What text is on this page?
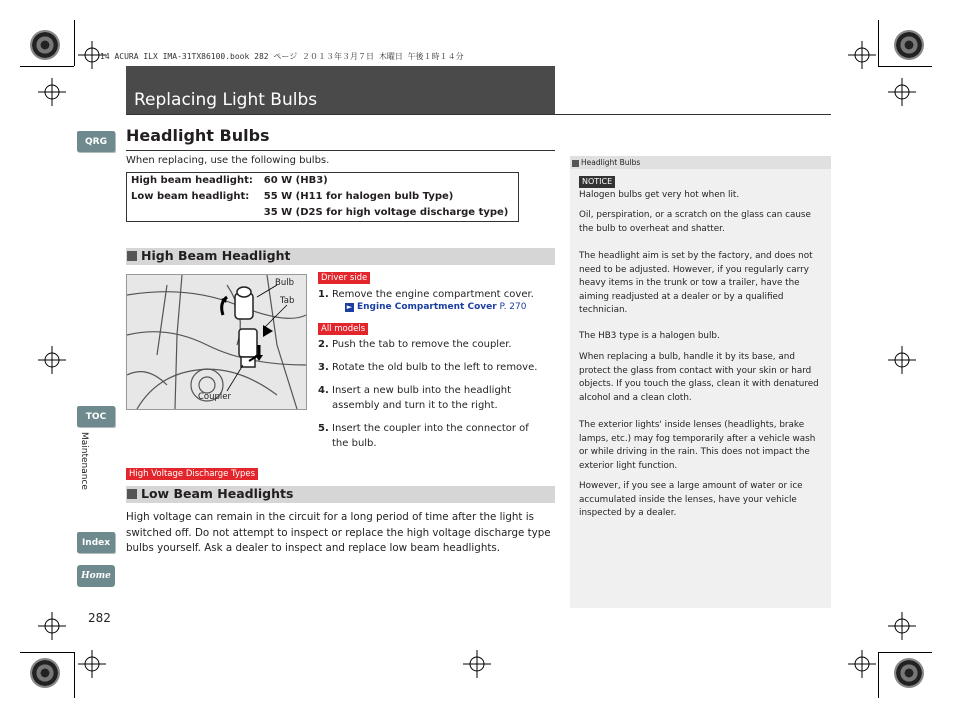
14 ACURA ILX IMA-31TX86100.book 282 ページ ２０１３年３月７日 木曜日 午後１時１４分
Replacing Light Bulbs
QRG
TOC
Maintenance
Index
Home
282
Headlight Bulbs
When replacing, use the following bulbs.
High beam headlight:	60 W (HB3)
Low beam headlight:	55 W (H11 for halogen bulb Type)
	35 W (D2S for high voltage discharge type)
High Beam Headlight
Bulb
Tab
Coupler
Driver side
1. Remove the engine compartment cover.
► Engine Compartment Cover P. 270
All models
2. Push the tab to remove the coupler.
3. Rotate the old bulb to the left to remove.
4. Insert a new bulb into the headlight assembly and turn it to the right.
5. Insert the coupler into the connector of the bulb.
High Voltage Discharge Types
Low Beam Headlights
High voltage can remain in the circuit for a long period of time after the light is switched off. Do not attempt to inspect or replace the high voltage discharge type bulbs yourself. Ask a dealer to inspect and replace low beam headlights.
Headlight Bulbs
NOTICE
Halogen bulbs get very hot when lit.
Oil, perspiration, or a scratch on the glass can cause the bulb to overheat and shatter.
The headlight aim is set by the factory, and does not need to be adjusted. However, if you regularly carry heavy items in the trunk or tow a trailer, have the aiming readjusted at a dealer or by a qualified technician.
The HB3 type is a halogen bulb.
When replacing a bulb, handle it by its base, and protect the glass from contact with your skin or hard objects. If you touch the glass, clean it with denatured alcohol and a clean cloth.
The exterior lights' inside lenses (headlights, brake lamps, etc.) may fog temporarily after a vehicle wash or while driving in the rain. This does not impact the exterior light function.
However, if you see a large amount of water or ice accumulated inside the lenses, have your vehicle inspected by a dealer.
